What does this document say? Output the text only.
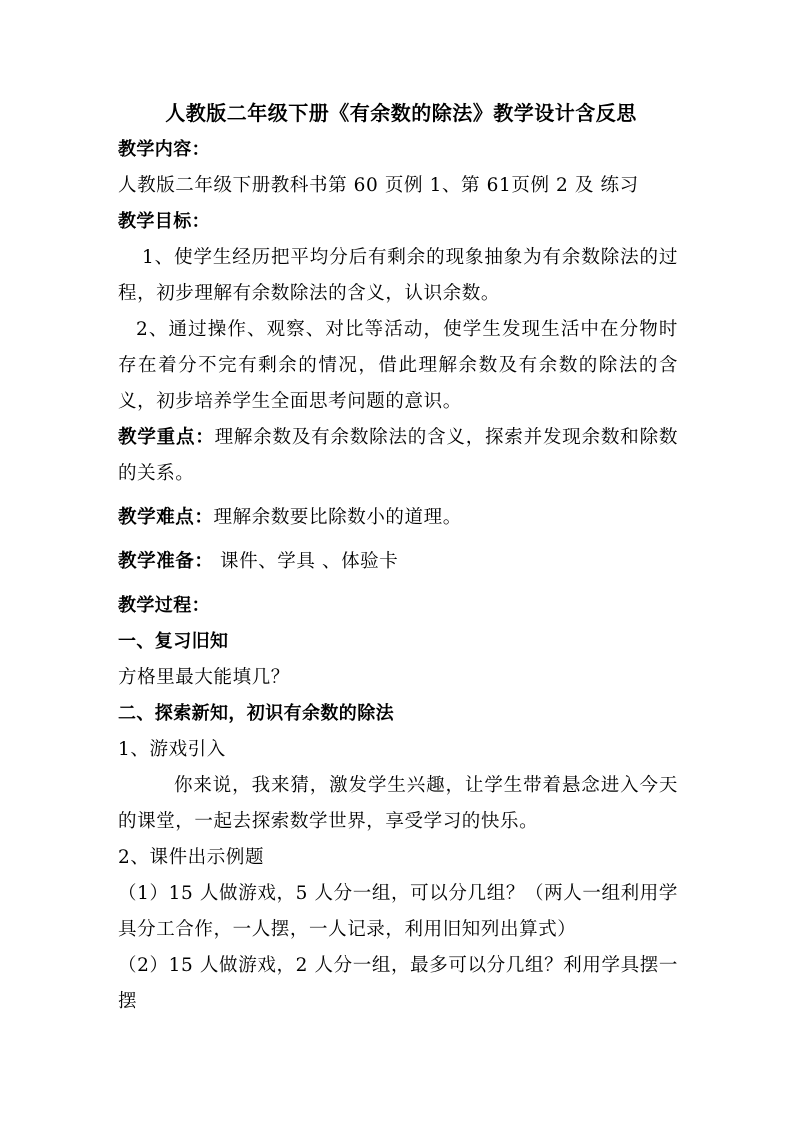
人教版二年级下册《有余数的除法》教学设计含反思

教学内容：

人教版二年级下册教科书第 60 页例 1、第 61页例 2 及 练习

教学目标：

1、使学生经历把平均分后有剩余的现象抽象为有余数除法的过程，初步理解有余数除法的含义，认识余数。

2、通过操作、观察、对比等活动，使学生发现生活中在分物时存在着分不完有剩余的情况，借此理解余数及有余数的除法的含义，初步培养学生全面思考问题的意识。

教学重点：理解余数及有余数除法的含义，探索并发现余数和除数的关系。

教学难点：理解余数要比除数小的道理。

教学准备： 课件、学具 、体验卡

教学过程：

一、复习旧知

方格里最大能填几？

二、探索新知，初识有余数的除法

1、游戏引入

你来说，我来猜，激发学生兴趣，让学生带着悬念进入今天的课堂，一起去探索数学世界，享受学习的快乐。

2、课件出示例题

（1）15 人做游戏，5 人分一组，可以分几组？（两人一组利用学具分工合作，一人摆，一人记录，利用旧知列出算式）

（2）15 人做游戏，2 人分一组，最多可以分几组？利用学具摆一摆
